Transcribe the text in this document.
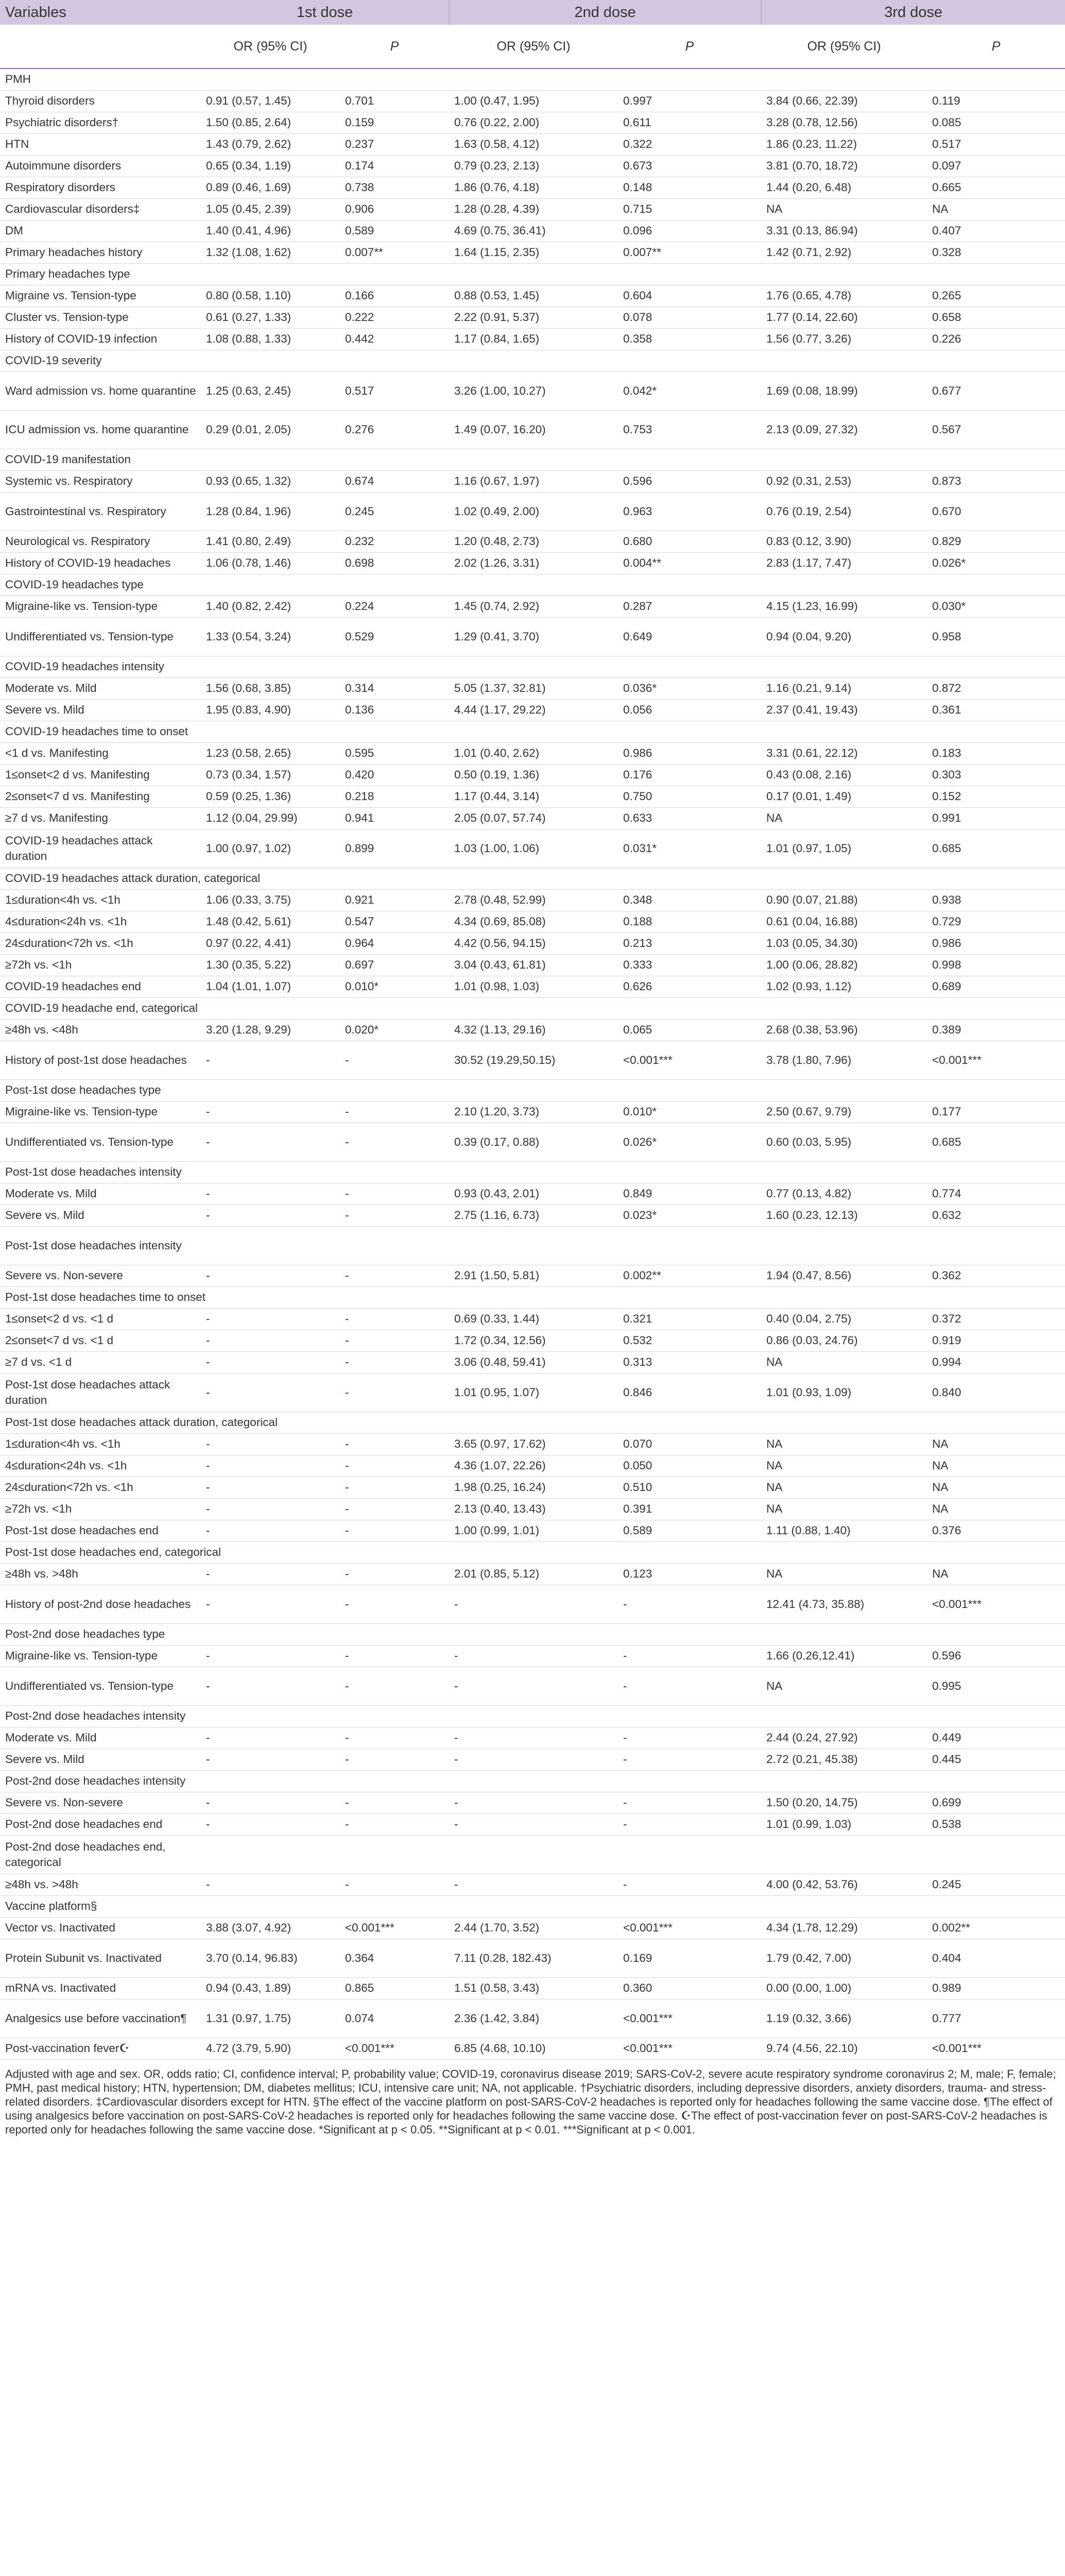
Variables	1st dose		2nd dose		3rd dose	
	OR (95% CI)	P	OR (95% CI)	P	OR (95% CI)	P
PMH						
Thyroid disorders	0.91 (0.57, 1.45)	0.701	1.00 (0.47, 1.95)	0.997	3.84 (0.66, 22.39)	0.119
Psychiatric disorders†	1.50 (0.85, 2.64)	0.159	0.76 (0.22, 2.00)	0.611	3.28 (0.78, 12.56)	0.085
HTN	1.43 (0.79, 2.62)	0.237	1.63 (0.58, 4.12)	0.322	1.86 (0.23, 11.22)	0.517
Autoimmune disorders	0.65 (0.34, 1.19)	0.174	0.79 (0.23, 2.13)	0.673	3.81 (0.70, 18.72)	0.097
Respiratory disorders	0.89 (0.46, 1.69)	0.738	1.86 (0.76, 4.18)	0.148	1.44 (0.20, 6.48)	0.665
Cardiovascular disorders‡	1.05 (0.45, 2.39)	0.906	1.28 (0.28, 4.39)	0.715	NA	NA
DM	1.40 (0.41, 4.96)	0.589	4.69 (0.75, 36.41)	0.096	3.31 (0.13, 86.94)	0.407
Primary headaches history	1.32 (1.08, 1.62)	0.007**	1.64 (1.15, 2.35)	0.007**	1.42 (0.71, 2.92)	0.328
Primary headaches type						
Migraine vs. Tension-type	0.80 (0.58, 1.10)	0.166	0.88 (0.53, 1.45)	0.604	1.76 (0.65, 4.78)	0.265
Cluster vs. Tension-type	0.61 (0.27, 1.33)	0.222	2.22 (0.91, 5.37)	0.078	1.77 (0.14, 22.60)	0.658
History of COVID-19 infection	1.08 (0.88, 1.33)	0.442	1.17 (0.84, 1.65)	0.358	1.56 (0.77, 3.26)	0.226
COVID-19 severity						
Ward admission vs. home quarantine	1.25 (0.63, 2.45)	0.517	3.26 (1.00, 10.27)	0.042*	1.69 (0.08, 18.99)	0.677
ICU admission vs. home quarantine	0.29 (0.01, 2.05)	0.276	1.49 (0.07, 16.20)	0.753	2.13 (0.09, 27.32)	0.567
COVID-19 manifestation						
Systemic vs. Respiratory	0.93 (0.65, 1.32)	0.674	1.16 (0.67, 1.97)	0.596	0.92 (0.31, 2.53)	0.873
Gastrointestinal vs. Respiratory	1.28 (0.84, 1.96)	0.245	1.02 (0.49, 2.00)	0.963	0.76 (0.19, 2.54)	0.670
Neurological vs. Respiratory	1.41 (0.80, 2.49)	0.232	1.20 (0.48, 2.73)	0.680	0.83 (0.12, 3.90)	0.829
History of COVID-19 headaches	1.06 (0.78, 1.46)	0.698	2.02 (1.26, 3.31)	0.004**	2.83 (1.17, 7.47)	0.026*
COVID-19 headaches type						
Migraine-like vs. Tension-type	1.40 (0.82, 2.42)	0.224	1.45 (0.74, 2.92)	0.287	4.15 (1.23, 16.99)	0.030*
Undifferentiated vs. Tension-type	1.33 (0.54, 3.24)	0.529	1.29 (0.41, 3.70)	0.649	0.94 (0.04, 9.20)	0.958
COVID-19 headaches intensity						
Moderate vs. Mild	1.56 (0.68, 3.85)	0.314	5.05 (1.37, 32.81)	0.036*	1.16 (0.21, 9.14)	0.872
Severe vs. Mild	1.95 (0.83, 4.90)	0.136	4.44 (1.17, 29.22)	0.056	2.37 (0.41, 19.43)	0.361
COVID-19 headaches time to onset						
<1 d vs. Manifesting	1.23 (0.58, 2.65)	0.595	1.01 (0.40, 2.62)	0.986	3.31 (0.61, 22.12)	0.183
1≤onset<2 d vs. Manifesting	0.73 (0.34, 1.57)	0.420	0.50 (0.19, 1.36)	0.176	0.43 (0.08, 2.16)	0.303
2≤onset<7 d vs. Manifesting	0.59 (0.25, 1.36)	0.218	1.17 (0.44, 3.14)	0.750	0.17 (0.01, 1.49)	0.152
≥7 d vs. Manifesting	1.12 (0.04, 29.99)	0.941	2.05 (0.07, 57.74)	0.633	NA	0.991
COVID-19 headaches attack duration	1.00 (0.97, 1.02)	0.899	1.03 (1.00, 1.06)	0.031*	1.01 (0.97, 1.05)	0.685
COVID-19 headaches attack duration, categorical						
1≤duration<4h vs. <1h	1.06 (0.33, 3.75)	0.921	2.78 (0.48, 52.99)	0.348	0.90 (0.07, 21.88)	0.938
4≤duration<24h vs. <1h	1.48 (0.42, 5.61)	0.547	4.34 (0.69, 85.08)	0.188	0.61 (0.04, 16.88)	0.729
24≤duration<72h vs. <1h	0.97 (0.22, 4.41)	0.964	4.42 (0.56, 94.15)	0.213	1.03 (0.05, 34.30)	0.986
≥72h vs. <1h	1.30 (0.35, 5.22)	0.697	3.04 (0.43, 61.81)	0.333	1.00 (0.06, 28.82)	0.998
COVID-19 headaches end	1.04 (1.01, 1.07)	0.010*	1.01 (0.98, 1.03)	0.626	1.02 (0.93, 1.12)	0.689
COVID-19 headache end, categorical						
≥48h vs. <48h	3.20 (1.28, 9.29)	0.020*	4.32 (1.13, 29.16)	0.065	2.68 (0.38, 53.96)	0.389
History of post-1st dose headaches	-	-	30.52 (19.29,50.15)	<0.001***	3.78 (1.80, 7.96)	<0.001***
Post-1st dose headaches type						
Migraine-like vs. Tension-type	-	-	2.10 (1.20, 3.73)	0.010*	2.50 (0.67, 9.79)	0.177
Undifferentiated vs. Tension-type	-	-	0.39 (0.17, 0.88)	0.026*	0.60 (0.03, 5.95)	0.685
Post-1st dose headaches intensity						
Moderate vs. Mild	-	-	0.93 (0.43, 2.01)	0.849	0.77 (0.13, 4.82)	0.774
Severe vs. Mild	-	-	2.75 (1.16, 6.73)	0.023*	1.60 (0.23, 12.13)	0.632
Post-1st dose headaches intensity						
Severe vs. Non-severe	-	-	2.91 (1.50, 5.81)	0.002**	1.94 (0.47, 8.56)	0.362
Post-1st dose headaches time to onset						
1≤onset<2 d vs. <1 d	-	-	0.69 (0.33, 1.44)	0.321	0.40 (0.04, 2.75)	0.372
2≤onset<7 d vs. <1 d	-	-	1.72 (0.34, 12.56)	0.532	0.86 (0.03, 24.76)	0.919
≥7 d vs. <1 d	-	-	3.06 (0.48, 59.41)	0.313	NA	0.994
Post-1st dose headaches attack duration	-	-	1.01 (0.95, 1.07)	0.846	1.01 (0.93, 1.09)	0.840
Post-1st dose headaches attack duration, categorical						
1≤duration<4h vs. <1h	-	-	3.65 (0.97, 17.62)	0.070	NA	NA
4≤duration<24h vs. <1h	-	-	4.36 (1.07, 22.26)	0.050	NA	NA
24≤duration<72h vs. <1h	-	-	1.98 (0.25, 16.24)	0.510	NA	NA
≥72h vs. <1h	-	-	2.13 (0.40, 13.43)	0.391	NA	NA
Post-1st dose headaches end	-	-	1.00 (0.99, 1.01)	0.589	1.11 (0.88, 1.40)	0.376
Post-1st dose headaches end, categorical						
≥48h vs. >48h	-	-	2.01 (0.85, 5.12)	0.123	NA	NA
History of post-2nd dose headaches	-	-	-	-	12.41 (4.73, 35.88)	<0.001***
Post-2nd dose headaches type						
Migraine-like vs. Tension-type	-	-	-	-	1.66 (0.26,12.41)	0.596
Undifferentiated vs. Tension-type	-	-	-	-	NA	0.995
Post-2nd dose headaches intensity						
Moderate vs. Mild	-	-	-	-	2.44 (0.24, 27.92)	0.449
Severe vs. Mild	-	-	-	-	2.72 (0.21, 45.38)	0.445
Post-2nd dose headaches intensity						
Severe vs. Non-severe	-	-	-	-	1.50 (0.20, 14.75)	0.699
Post-2nd dose headaches end	-	-	-	-	1.01 (0.99, 1.03)	0.538
Post-2nd dose headaches end, categorical						
≥48h vs. >48h	-	-	-	-	4.00 (0.42, 53.76)	0.245
Vaccine platform§						
Vector vs. Inactivated	3.88 (3.07, 4.92)	<0.001***	2.44 (1.70, 3.52)	<0.001***	4.34 (1.78, 12.29)	0.002**
Protein Subunit vs. Inactivated	3.70 (0.14, 96.83)	0.364	7.11 (0.28, 182.43)	0.169	1.79 (0.42, 7.00)	0.404
mRNA vs. Inactivated	0.94 (0.43, 1.89)	0.865	1.51 (0.58, 3.43)	0.360	0.00 (0.00, 1.00)	0.989
Analgesics use before vaccination¶	1.31 (0.97, 1.75)	0.074	2.36 (1.42, 3.84)	<0.001***	1.19 (0.32, 3.66)	0.777
Post-vaccination fever☪	4.72 (3.79, 5.90)	<0.001***	6.85 (4.68, 10.10)	<0.001***	9.74 (4.56, 22.10)	<0.001***
Adjusted with age and sex. OR, odds ratio; CI, confidence interval; P, probability value; COVID-19, coronavirus disease 2019; SARS-CoV-2, severe acute respiratory syndrome coronavirus 2; M, male; F, female; PMH, past medical history; HTN, hypertension; DM, diabetes mellitus; ICU, intensive care unit; NA, not applicable. †Psychiatric disorders, including depressive disorders, anxiety disorders, trauma- and stress-related disorders. ‡Cardiovascular disorders except for HTN. §The effect of the vaccine platform on post-SARS-CoV-2 headaches is reported only for headaches following the same vaccine dose. ¶The effect of using analgesics before vaccination on post-SARS-CoV-2 headaches is reported only for headaches following the same vaccine dose. ☪The effect of post-vaccination fever on post-SARS-CoV-2 headaches is reported only for headaches following the same vaccine dose. *Significant at p < 0.05. **Significant at p < 0.01. ***Significant at p < 0.001.
